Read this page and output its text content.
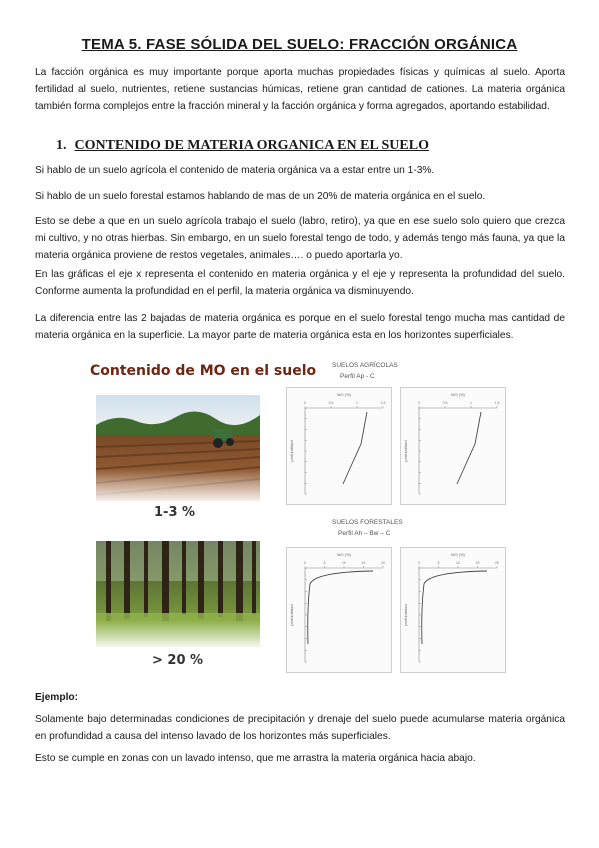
TEMA 5. FASE SÓLIDA DEL SUELO: FRACCIÓN ORGÁNICA

La facción orgánica es muy importante porque aporta muchas propiedades físicas y químicas al suelo. Aporta fertilidad al suelo, nutrientes, retiene sustancias húmicas, retiene gran cantidad de cationes. La materia orgánica también forma complejos entre la fracción mineral y la facción orgánica y forma agregados, aportando estabilidad.

1. CONTENIDO DE MATERIA ORGANICA EN EL SUELO

Si hablo de un suelo agrícola el contenido de materia orgánica va a estar entre un 1-3%.

Si hablo de un suelo forestal estamos hablando de mas de un 20% de materia orgánica en el suelo.

Esto se debe a que en un suelo agrícola trabajo el suelo (labro, retiro), ya que en ese suelo solo quiero que crezca mi cultivo, y no otras hierbas. Sin embargo, en un suelo forestal tengo de todo, y además tengo más fauna, ya que la materia orgánica proviene de restos vegetales, animales…. o puedo aportarla yo.

En las gráficas el eje x representa el contenido en materia orgánica y el eje y representa la profundidad del suelo. Conforme aumenta la profundidad en el perfil, la materia orgánica va disminuyendo.

La diferencia entre las 2 bajadas de materia orgánica es porque en el suelo forestal tengo mucha mas cantidad de materia orgánica en la superficie. La mayor parte de materia orgánica esta en los horizontes superficiales.

Contenido de MO en el suelo
1-3 %
> 20 %
SUELOS AGRÍCOLAS
Perfil Ap - C
SUELOS FORESTALES
Perfil Ah – Bw – C
MO (%)
profundidad
0	0,5	1	1,5
MO (%)
profundidad
0	0,5	1	1,5
MO (%)
profundidad
0	5	10	15	20
MO (%)
profundidad
0	5	10	15	20

Ejemplo:

Solamente bajo determinadas condiciones de precipitación y drenaje del suelo puede acumularse materia orgánica en profundidad a causa del intenso lavado de los horizontes más superficiales.

Esto se cumple en zonas con un lavado intenso, que me arrastra la materia orgánica hacia abajo.
